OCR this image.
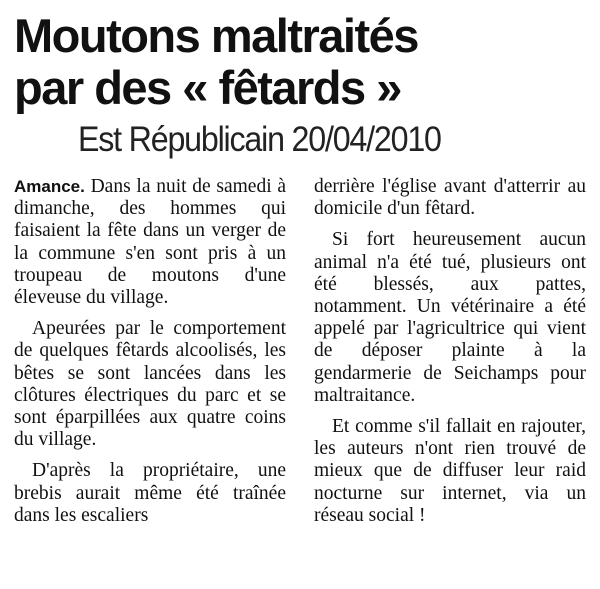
Moutons maltraités
par des « fêtards »
Est Républicain 20/04/2010

Amance. Dans la nuit de samedi à dimanche, des hommes qui faisaient la fête dans un verger de la commune s'en sont pris à un troupeau de moutons d'une éleveuse du village.

Apeurées par le comportement de quelques fêtards alcoolisés, les bêtes se sont lancées dans les clôtures électriques du parc et se sont éparpillées aux quatre coins du village.

D'après la propriétaire, une brebis aurait même été traînée dans les escaliers

derrière l'église avant d'atterrir au domicile d'un fêtard.

Si fort heureusement aucun animal n'a été tué, plusieurs ont été blessés, aux pattes, notamment. Un vétérinaire a été appelé par l'agricultrice qui vient de déposer plainte à la gendarmerie de Seichamps pour maltraitance.

Et comme s'il fallait en rajouter, les auteurs n'ont rien trouvé de mieux que de diffuser leur raid nocturne sur internet, via un réseau social !
